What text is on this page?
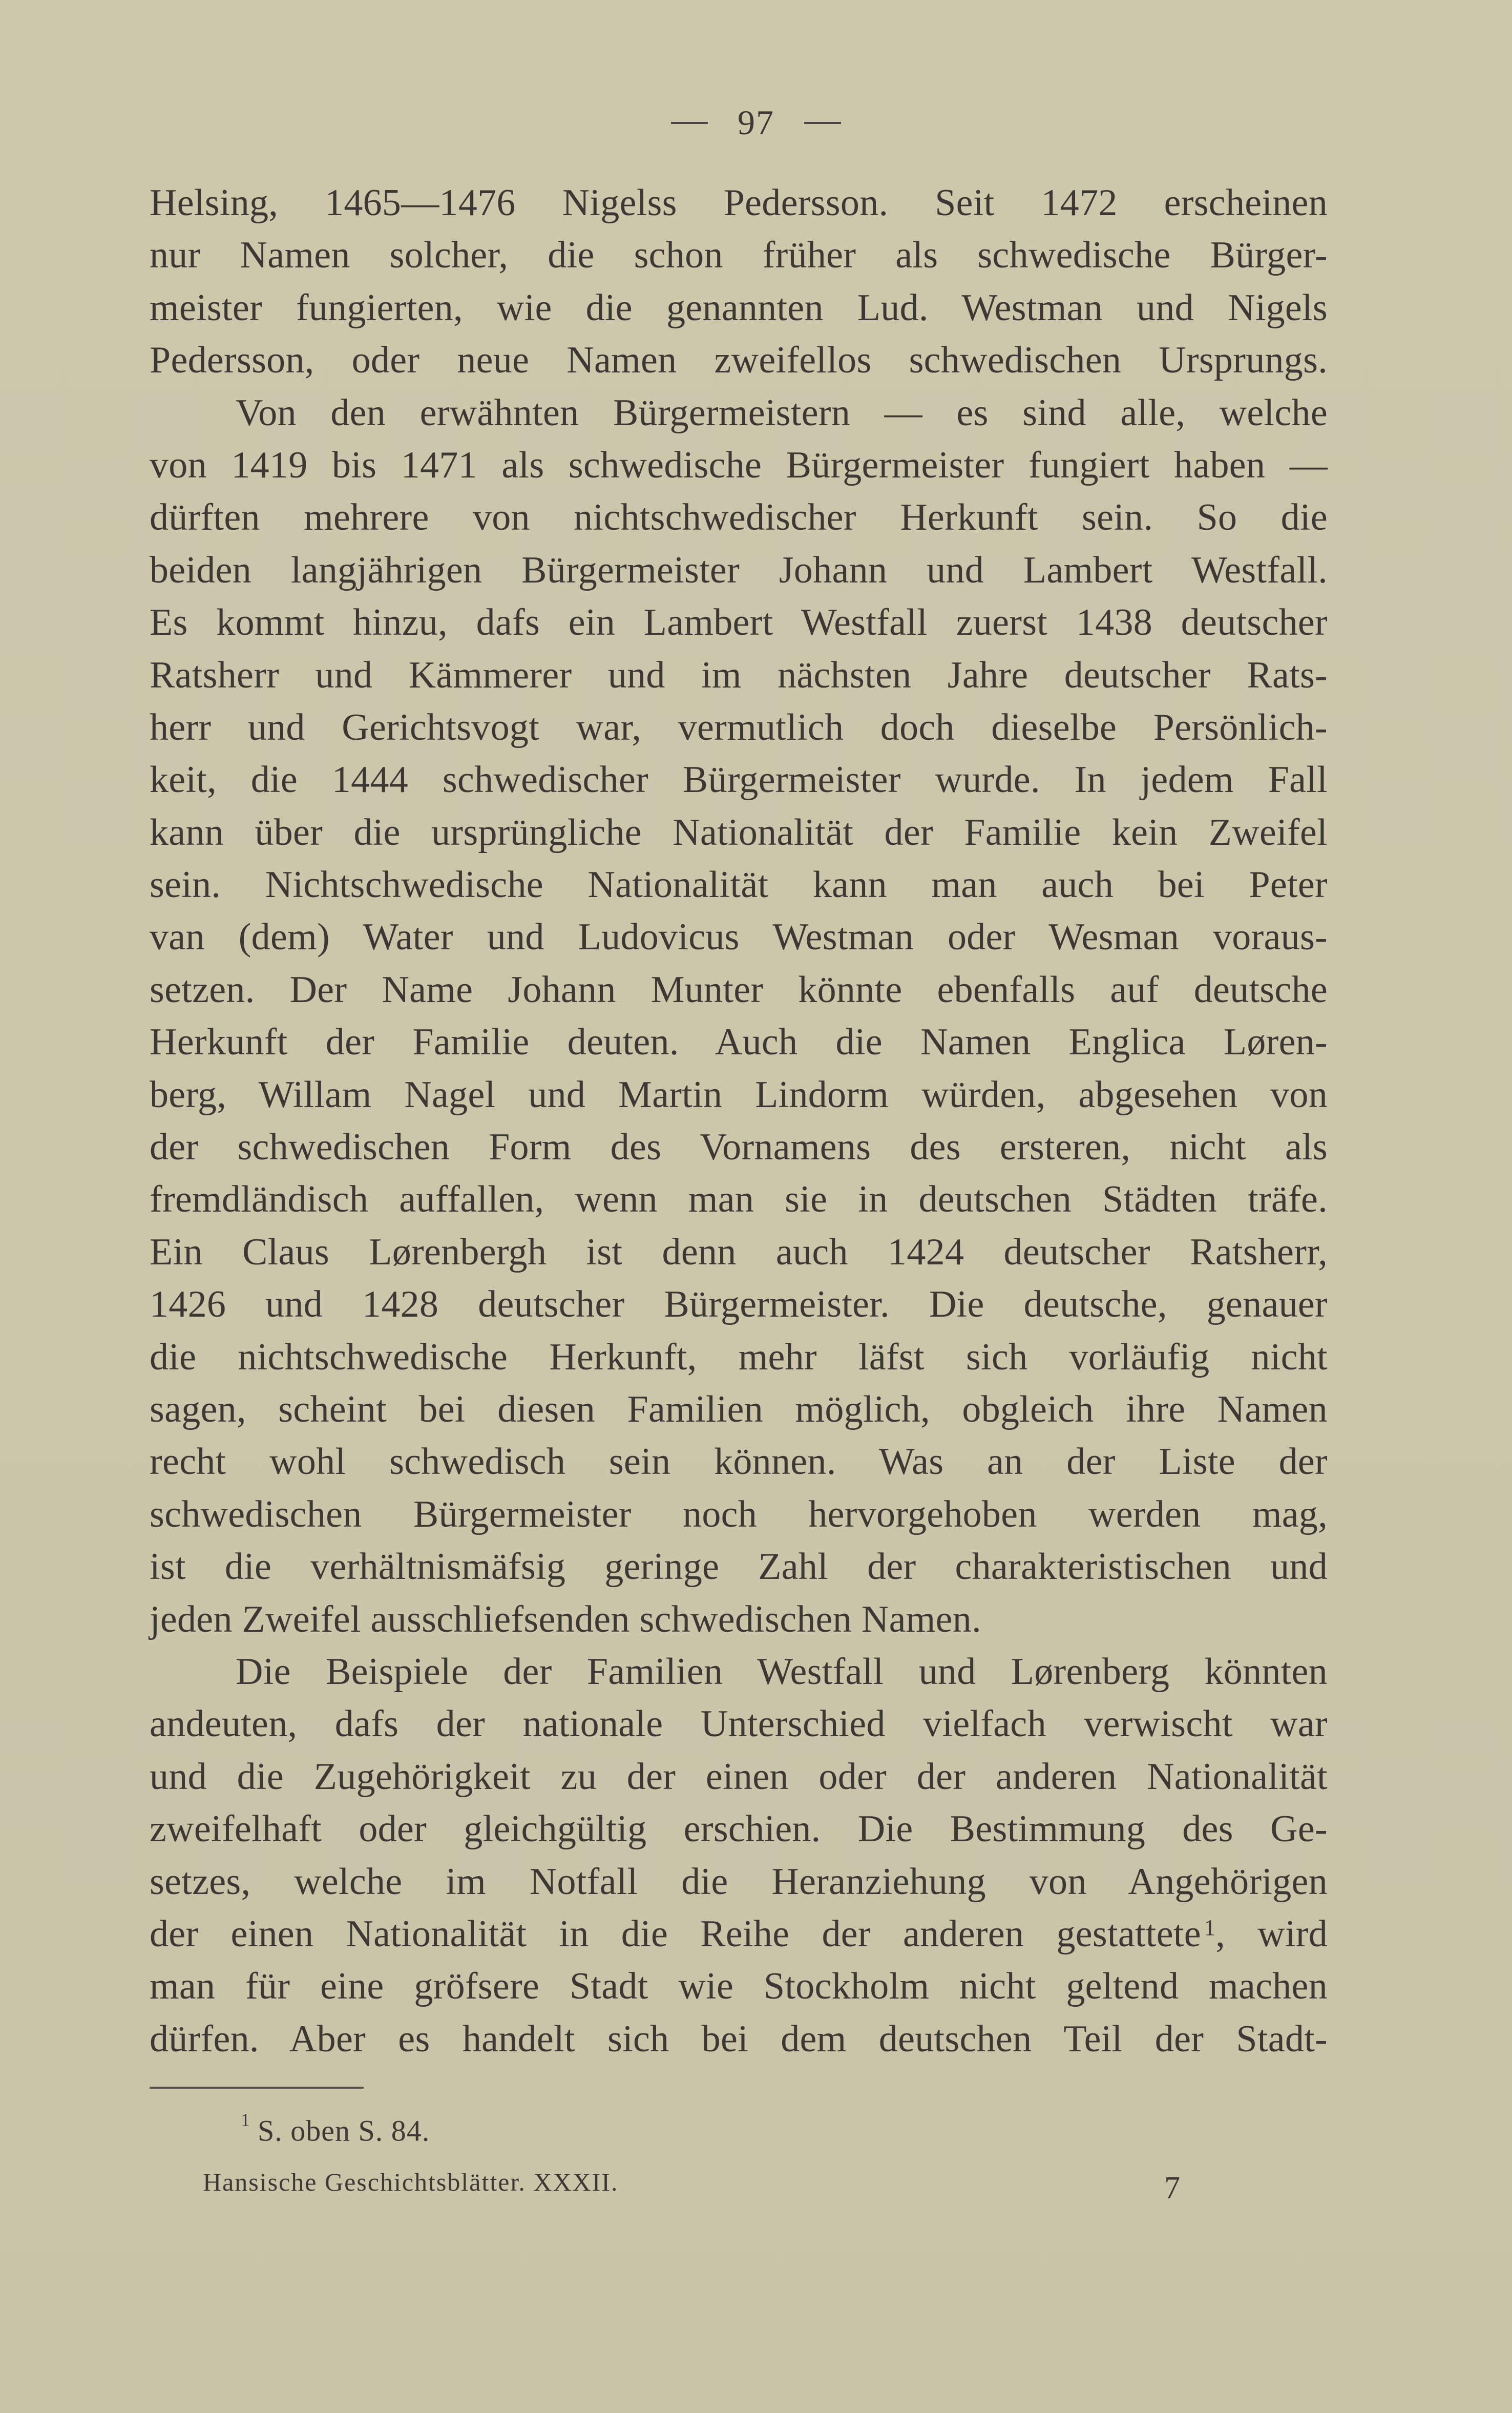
97
Helsing, 1465—1476 Nigelss Pedersson. Seit 1472 erscheinen
nur Namen solcher, die schon früher als schwedische Bürger-
meister fungierten, wie die genannten Lud. Westman und Nigels
Pedersson, oder neue Namen zweifellos schwedischen Ursprungs.
Von den erwähnten Bürgermeistern — es sind alle, welche
von 1419 bis 1471 als schwedische Bürgermeister fungiert haben —
dürften mehrere von nichtschwedischer Herkunft sein. So die
beiden langjährigen Bürgermeister Johann und Lambert Westfall.
Es kommt hinzu, dafs ein Lambert Westfall zuerst 1438 deutscher
Ratsherr und Kämmerer und im nächsten Jahre deutscher Rats-
herr und Gerichtsvogt war, vermutlich doch dieselbe Persönlich-
keit, die 1444 schwedischer Bürgermeister wurde. In jedem Fall
kann über die ursprüngliche Nationalität der Familie kein Zweifel
sein. Nichtschwedische Nationalität kann man auch bei Peter
van (dem) Water und Ludovicus Westman oder Wesman voraus-
setzen. Der Name Johann Munter könnte ebenfalls auf deutsche
Herkunft der Familie deuten. Auch die Namen Englica Løren-
berg, Willam Nagel und Martin Lindorm würden, abgesehen von
der schwedischen Form des Vornamens des ersteren, nicht als
fremdländisch auffallen, wenn man sie in deutschen Städten träfe.
Ein Claus Lørenbergh ist denn auch 1424 deutscher Ratsherr,
1426 und 1428 deutscher Bürgermeister. Die deutsche, genauer
die nichtschwedische Herkunft, mehr läfst sich vorläufig nicht
sagen, scheint bei diesen Familien möglich, obgleich ihre Namen
recht wohl schwedisch sein können. Was an der Liste der
schwedischen Bürgermeister noch hervorgehoben werden mag,
ist die verhältnismäfsig geringe Zahl der charakteristischen und
jeden Zweifel ausschliefsenden schwedischen Namen.
Die Beispiele der Familien Westfall und Lørenberg könnten
andeuten, dafs der nationale Unterschied vielfach verwischt war
und die Zugehörigkeit zu der einen oder der anderen Nationalität
zweifelhaft oder gleichgültig erschien. Die Bestimmung des Ge-
setzes, welche im Notfall die Heranziehung von Angehörigen
der einen Nationalität in die Reihe der anderen gestattete $^1$, wird
man für eine gröfsere Stadt wie Stockholm nicht geltend machen
dürfen. Aber es handelt sich bei dem deutschen Teil der Stadt-
$^1$ S. oben S. 84.
Hansische Geschichtsblätter. XXXII.	7
